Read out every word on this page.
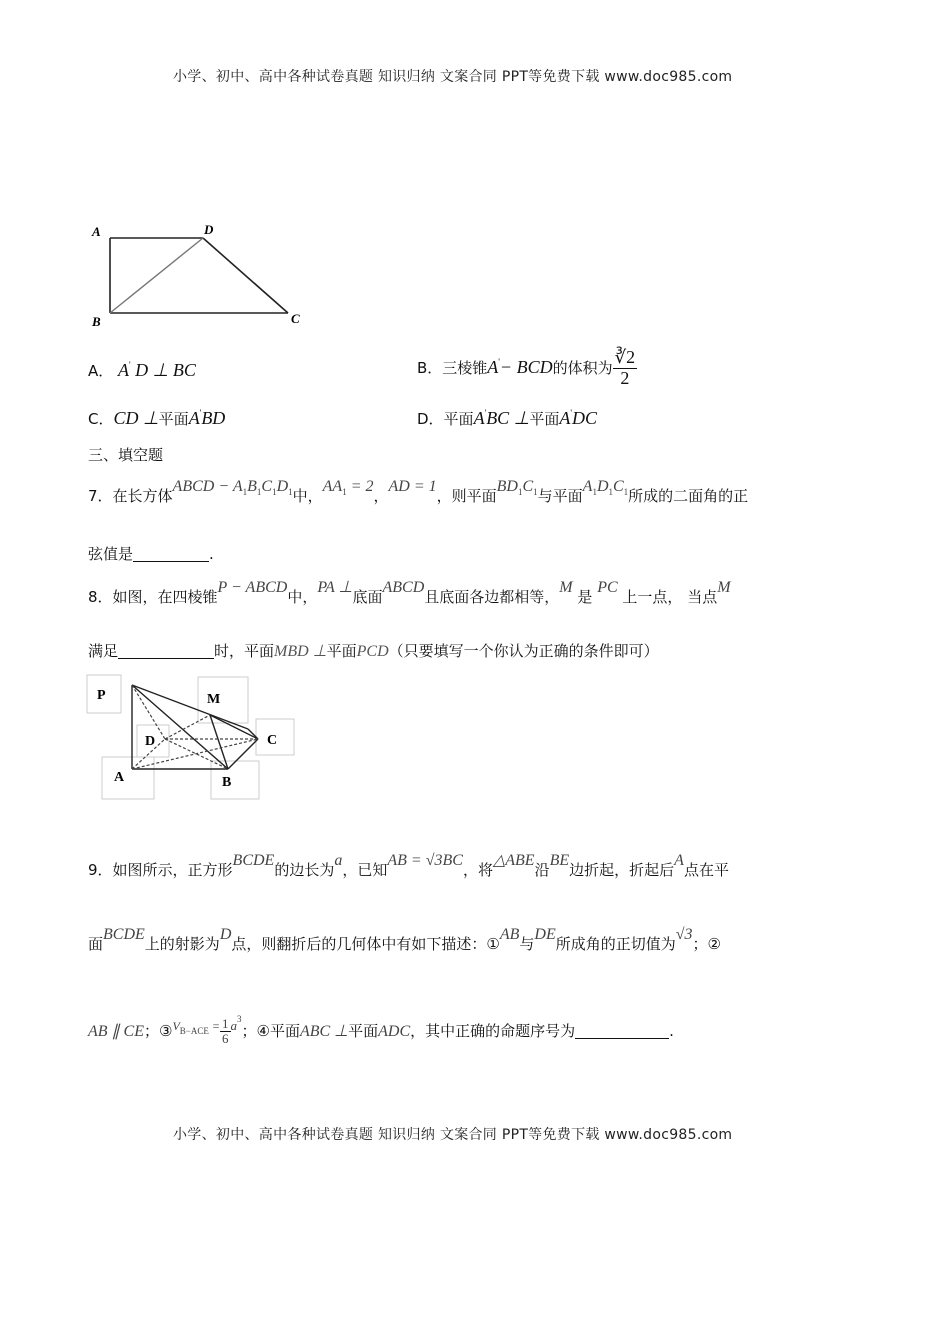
小学、初中、高中各种试卷真题 知识归纳 文案合同 PPT等免费下载 www.doc985.com
A	D
B	C
A． A' D ⊥ BC	B．三棱锥A'− BCD的体积为 $\frac{∛2}{2}$
C．CD ⊥平面A'BD	D．平面A'BC ⊥平面A'DC
三、填空题
7．在长方体ABCD − $A_1B_1C_1D_1$中，$AA_1 = 2$，AD = 1，则平面$BD_1C_1$与平面$A_1D_1C_1$所成的二面角的正
弦值是	.
8．如图，在四棱锥P − ABCD中，PA ⊥底面ABCD且底面各边都相等，M 是 PC 上一点， 当点M
满足	时，平面MBD ⊥平面PCD（只要填写一个你认为正确的条件即可）
P	M
D	C
A	B
9．如图所示，正方形BCDE的边长为a，已知AB = √3BC，将△ABE沿BE边折起，折起后A点在平
面BCDE上的射影为D点，则翻折后的几何体中有如下描述：①AB与DE所成角的正切值为√3；②
AB ∥ CE；③$^{V_{B-ACE} =}$ $\frac{1}{6} a^3$；④平面ABC ⊥平面ADC，其中正确的命题序号为	.
小学、初中、高中各种试卷真题 知识归纳 文案合同 PPT等免费下载 www.doc985.com
